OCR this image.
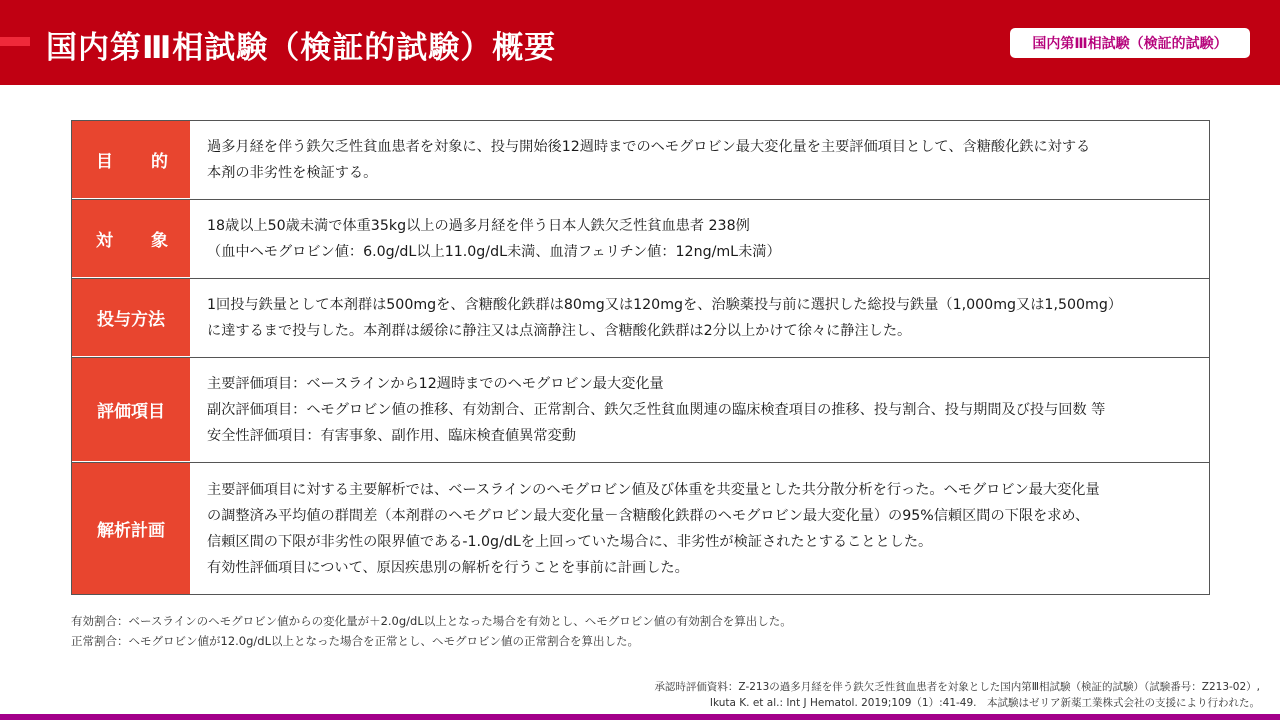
国内第Ⅲ相試験（検証的試験）概要	国内第Ⅲ相試験（検証的試験）
目 的
過多月経を伴う鉄欠乏性貧血患者を対象に、投与開始後12週時までのヘモグロビン最大変化量を主要評価項目として、含糖酸化鉄に対する
本剤の非劣性を検証する。
対 象
18歳以上50歳未満で体重35kg以上の過多月経を伴う日本人鉄欠乏性貧血患者 238例
（血中ヘモグロビン値：6.0g/dL以上11.0g/dL未満、血清フェリチン値：12ng/mL未満）
投与方法
1回投与鉄量として本剤群は500mgを、含糖酸化鉄群は80mg又は120mgを、治験薬投与前に選択した総投与鉄量（1,000mg又は1,500mg）
に達するまで投与した。本剤群は緩徐に静注又は点滴静注し、含糖酸化鉄群は2分以上かけて徐々に静注した。
評価項目
主要評価項目：ベースラインから12週時までのヘモグロビン最大変化量
副次評価項目：ヘモグロビン値の推移、有効割合、正常割合、鉄欠乏性貧血関連の臨床検査項目の推移、投与割合、投与期間及び投与回数 等
安全性評価項目：有害事象、副作用、臨床検査値異常変動
解析計画
主要評価項目に対する主要解析では、ベースラインのヘモグロビン値及び体重を共変量とした共分散分析を行った。ヘモグロビン最大変化量
の調整済み平均値の群間差（本剤群のヘモグロビン最大変化量－含糖酸化鉄群のヘモグロビン最大変化量）の95%信頼区間の下限を求め、
信頼区間の下限が非劣性の限界値である-1.0g/dLを上回っていた場合に、非劣性が検証されたとすることとした。
有効性評価項目について、原因疾患別の解析を行うことを事前に計画した。
有効割合：ベースラインのヘモグロビン値からの変化量が＋2.0g/dL以上となった場合を有効とし、ヘモグロビン値の有効割合を算出した。
正常割合：ヘモグロビン値が12.0g/dL以上となった場合を正常とし、ヘモグロビン値の正常割合を算出した。
承認時評価資料：Z-213の過多月経を伴う鉄欠乏性貧血患者を対象とした国内第Ⅲ相試験（検証的試験）（試験番号：Z213-02）,
Ikuta K. et al.: Int J Hematol. 2019;109（1）:41-49.　本試験はゼリア新薬工業株式会社の支援により行われた。
